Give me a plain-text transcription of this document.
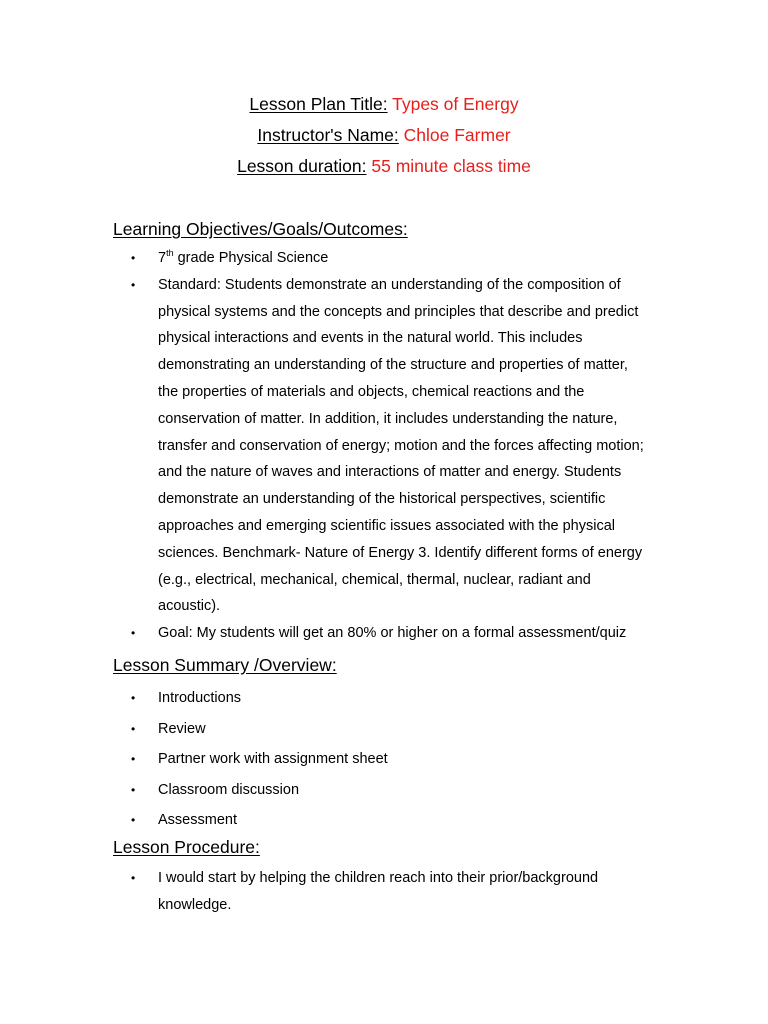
Lesson Plan Title: Types of Energy
Instructor's Name: Chloe Farmer
Lesson duration: 55 minute class time
Learning Objectives/Goals/Outcomes:
• 7th grade Physical Science
• Standard: Students demonstrate an understanding of the composition of physical systems and the concepts and principles that describe and predict physical interactions and events in the natural world. This includes demonstrating an understanding of the structure and properties of matter, the properties of materials and objects, chemical reactions and the conservation of matter. In addition, it includes understanding the nature, transfer and conservation of energy; motion and the forces affecting motion; and the nature of waves and interactions of matter and energy. Students demonstrate an understanding of the historical perspectives, scientific approaches and emerging scientific issues associated with the physical sciences. Benchmark- Nature of Energy 3. Identify different forms of energy (e.g., electrical, mechanical, chemical, thermal, nuclear, radiant and acoustic).
• Goal: My students will get an 80% or higher on a formal assessment/quiz
Lesson Summary /Overview:
• Introductions
• Review
• Partner work with assignment sheet
• Classroom discussion
• Assessment
Lesson Procedure:
• I would start by helping the children reach into their prior/background knowledge.
